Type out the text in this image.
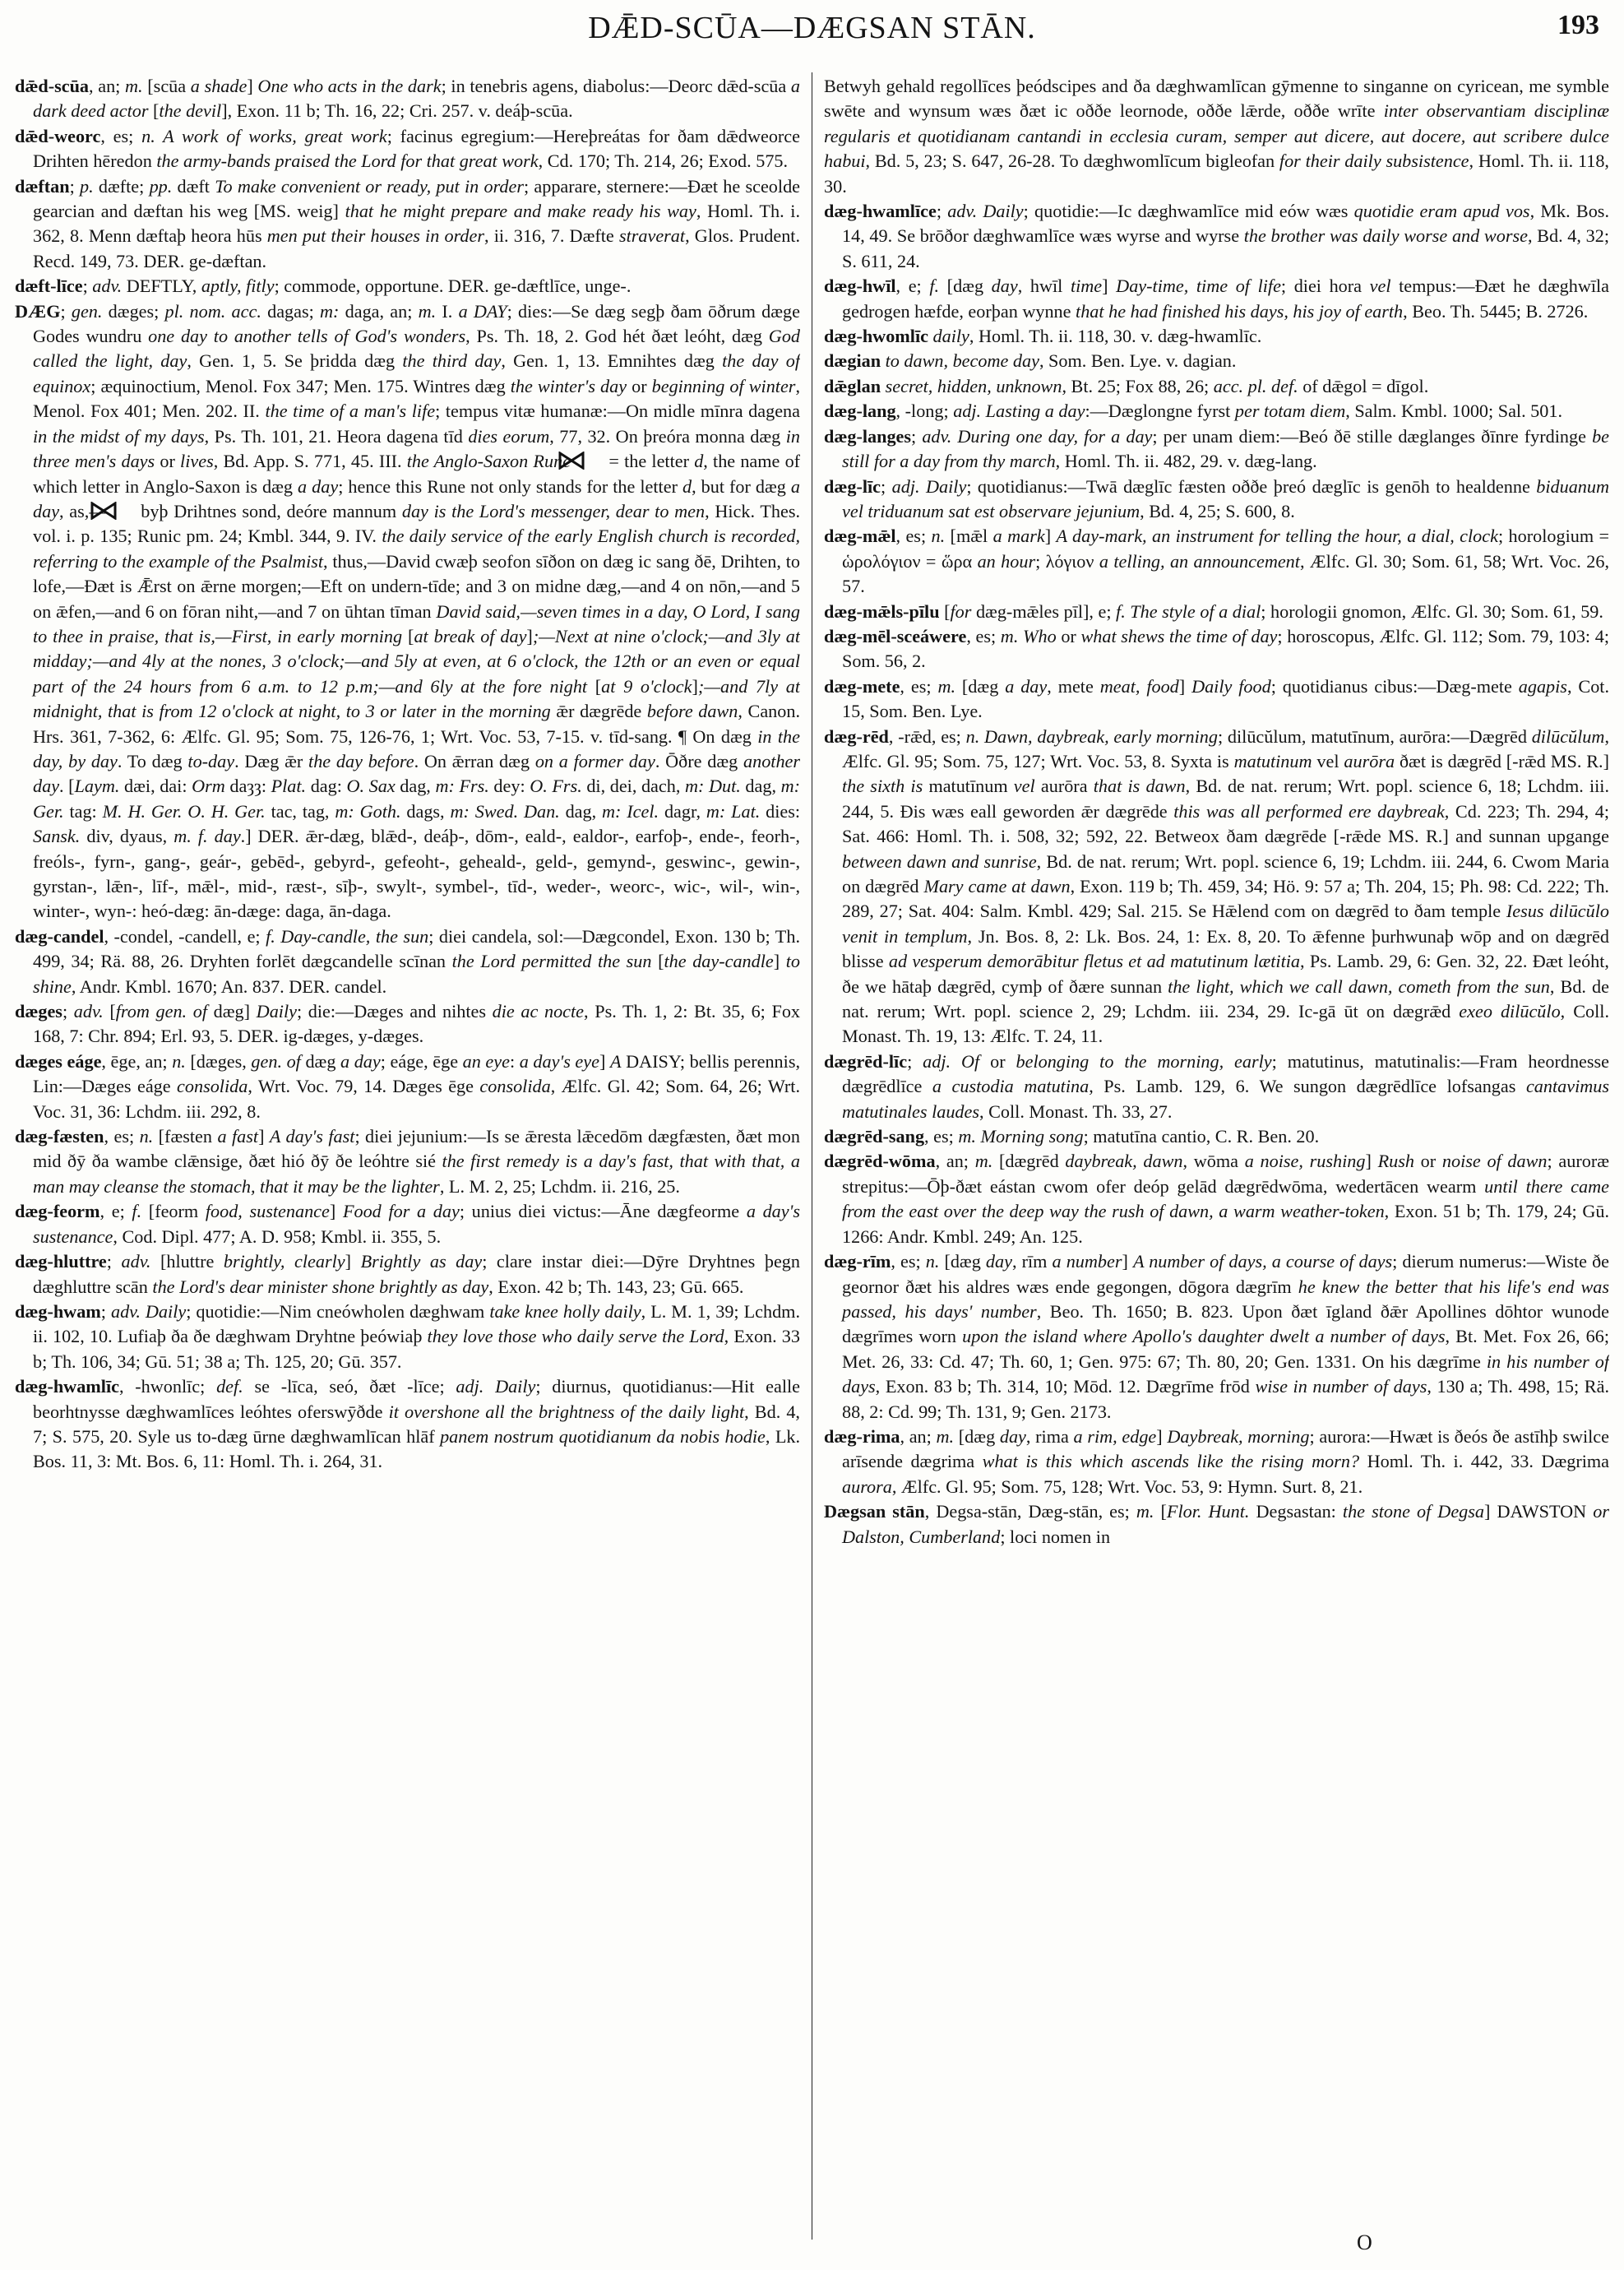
DǢD-SCŪA—DÆGSAN STĀN.	193

dǣd-scūa, an; m. [scūa a shade] One who acts in the dark; in tenebris agens, diabolus:—Deorc dǣd-scūa a dark deed actor [the devil], Exon. 11 b; Th. 16, 22; Cri. 257. v. deáþ-scūa.

dǣd-weorc, es; n. A work of works, great work; facinus egregium:—Hereþreátas for ðam dǣdweorce Drihten hēredon the army-bands praised the Lord for that great work, Cd. 170; Th. 214, 26; Exod. 575.

dæftan; p. dæfte; pp. dæft To make convenient or ready, put in order; apparare, sternere:—Ðæt he sceolde gearcian and dæftan his weg [MS. weig] that he might prepare and make ready his way, Homl. Th. i. 362, 8. Menn dæftaþ heora hūs men put their houses in order, ii. 316, 7. Dæfte straverat, Glos. Prudent. Recd. 149, 73. DER. ge-dæftan.

dæft-līce; adv. DEFTLY, aptly, fitly; commode, opportune. DER. ge-dæftlīce, unge-.

DÆG; gen. dæges; pl. nom. acc. dagas; m: daga, an; m. I. a DAY; dies:—Se dæg segþ ðam ōðrum dæge Godes wundru one day to another tells of God's wonders, Ps. Th. 18, 2. God hét ðæt leóht, dæg God called the light, day, Gen. 1, 5. Se þridda dæg the third day, Gen. 1, 13. Emnihtes dæg the day of equinox; æquinoctium, Menol. Fox 347; Men. 175. Wintres dæg the winter's day or beginning of winter, Menol. Fox 401; Men. 202. II. the time of a man's life; tempus vitæ humanæ:—On midle mīnra dagena in the midst of my days, Ps. Th. 101, 21. Heora dagena tīd dies eorum, 77, 32. On þreóra monna dæg in three men's days or lives, Bd. App. S. 771, 45. III. the Anglo-Saxon Rune  = the letter d, the name of which letter in Anglo-Saxon is dæg a day; hence this Rune not only stands for the letter d, but for dæg a day, as,— byþ Drihtnes sond, deóre mannum day is the Lord's messenger, dear to men, Hick. Thes. vol. i. p. 135; Runic pm. 24; Kmbl. 344, 9. IV. the daily service of the early English church is recorded, referring to the example of the Psalmist, thus,—David cwæþ seofon sīðon on dæg ic sang ðē, Drihten, to lofe,—Ðæt is Ǣrst on ǣrne morgen;—Eft on undern-tīde; and 3 on midne dæg,—and 4 on nōn,—and 5 on ǣfen,—and 6 on fōran niht,—and 7 on ūhtan tīman David said,—seven times in a day, O Lord, I sang to thee in praise, that is,—First, in early morning [at break of day];—Next at nine o'clock;—and 3ly at midday;—and 4ly at the nones, 3 o'clock;—and 5ly at even, at 6 o'clock, the 12th or an even or equal part of the 24 hours from 6 a.m. to 12 p.m;—and 6ly at the fore night [at 9 o'clock];—and 7ly at midnight, that is from 12 o'clock at night, to 3 or later in the morning ǣr dægrēde before dawn, Canon. Hrs. 361, 7-362, 6: Ælfc. Gl. 95; Som. 75, 126-76, 1; Wrt. Voc. 53, 7-15. v. tīd-sang. ¶ On dæg in the day, by day. To dæg to-day. Dæg ǣr the day before. On ǣrran dæg on a former day. Ōðre dæg another day. [Laym. dæi, dai: Orm daȝȝ: Plat. dag: O. Sax dag, m: Frs. dey: O. Frs. di, dei, dach, m: Dut. dag, m: Ger. tag: M. H. Ger. O. H. Ger. tac, tag, m: Goth. dags, m: Swed. Dan. dag, m: Icel. dagr, m: Lat. dies: Sansk. div, dyaus, m. f. day.] DER. ǣr-dæg, blǣd-, deáþ-, dōm-, eald-, ealdor-, earfoþ-, ende-, feorh-, freóls-, fyrn-, gang-, geár-, gebēd-, gebyrd-, gefeoht-, geheald-, geld-, gemynd-, geswinc-, gewin-, gyrstan-, lǣn-, līf-, mǣl-, mid-, ræst-, sīþ-, swylt-, symbel-, tīd-, weder-, weorc-, wic-, wil-, win-, winter-, wyn-: heó-dæg: ān-dæge: daga, ān-daga.

dæg-candel, -condel, -candell, e; f. Day-candle, the sun; diei candela, sol:—Dægcondel, Exon. 130 b; Th. 499, 34; Rä. 88, 26. Dryhten forlēt dægcandelle scīnan the Lord permitted the sun [the day-candle] to shine, Andr. Kmbl. 1670; An. 837. DER. candel.

dæges; adv. [from gen. of dæg] Daily; die:—Dæges and nihtes die ac nocte, Ps. Th. 1, 2: Bt. 35, 6; Fox 168, 7: Chr. 894; Erl. 93, 5. DER. ig-dæges, y-dæges.

dæges eáge, ēge, an; n. [dæges, gen. of dæg a day; eáge, ēge an eye: a day's eye] A DAISY; bellis perennis, Lin:—Dæges eáge consolida, Wrt. Voc. 79, 14. Dæges ēge consolida, Ælfc. Gl. 42; Som. 64, 26; Wrt. Voc. 31, 36: Lchdm. iii. 292, 8.

dæg-fæsten, es; n. [fæsten a fast] A day's fast; diei jejunium:—Is se ǣresta lǣcedōm dægfæsten, ðæt mon mid ðȳ ða wambe clǣnsige, ðæt hió ðȳ ðe leóhtre sié the first remedy is a day's fast, that with that, a man may cleanse the stomach, that it may be the lighter, L. M. 2, 25; Lchdm. ii. 216, 25.

dæg-feorm, e; f. [feorm food, sustenance] Food for a day; unius diei victus:—Āne dægfeorme a day's sustenance, Cod. Dipl. 477; A. D. 958; Kmbl. ii. 355, 5.

dæg-hluttre; adv. [hluttre brightly, clearly] Brightly as day; clare instar diei:—Dȳre Dryhtnes þegn dæghluttre scān the Lord's dear minister shone brightly as day, Exon. 42 b; Th. 143, 23; Gū. 665.

dæg-hwam; adv. Daily; quotidie:—Nim cneówholen dæghwam take knee holly daily, L. M. 1, 39; Lchdm. ii. 102, 10. Lufiaþ ða ðe dæghwam Dryhtne þeówiaþ they love those who daily serve the Lord, Exon. 33 b; Th. 106, 34; Gū. 51; 38 a; Th. 125, 20; Gū. 357.

dæg-hwamlīc, -hwonlīc; def. se -līca, seó, ðæt -līce; adj. Daily; diurnus, quotidianus:—Hit ealle beorhtnysse dæghwamlīces leóhtes oferswȳðde it overshone all the brightness of the daily light, Bd. 4, 7; S. 575, 20. Syle us to-dæg ūrne dæghwamlīcan hlāf panem nostrum quotidianum da nobis hodie, Lk. Bos. 11, 3: Mt. Bos. 6, 11: Homl. Th. i. 264, 31.

Betwyh gehald regollīces þeódscipes and ða dæghwamlīcan gȳmenne to singanne on cyricean, me symble swēte and wynsum wæs ðæt ic oððe leornode, oððe lǣrde, oððe wrīte inter observantiam disciplinæ regularis et quotidianam cantandi in ecclesia curam, semper aut dicere, aut docere, aut scribere dulce habui, Bd. 5, 23; S. 647, 26-28. To dæghwomlīcum bigleofan for their daily subsistence, Homl. Th. ii. 118, 30.

dæg-hwamlīce; adv. Daily; quotidie:—Ic dæghwamlīce mid eów wæs quotidie eram apud vos, Mk. Bos. 14, 49. Se brōðor dæghwamlīce wæs wyrse and wyrse the brother was daily worse and worse, Bd. 4, 32; S. 611, 24.

dæg-hwīl, e; f. [dæg day, hwīl time] Day-time, time of life; diei hora vel tempus:—Ðæt he dæghwīla gedrogen hæfde, eorþan wynne that he had finished his days, his joy of earth, Beo. Th. 5445; B. 2726.

dæg-hwomlīc daily, Homl. Th. ii. 118, 30. v. dæg-hwamlīc.

dægian to dawn, become day, Som. Ben. Lye. v. dagian.

dǣglan secret, hidden, unknown, Bt. 25; Fox 88, 26; acc. pl. def. of dǣgol = dīgol.

dæg-lang, -long; adj. Lasting a day:—Dæglongne fyrst per totam diem, Salm. Kmbl. 1000; Sal. 501.

dæg-langes; adv. During one day, for a day; per unam diem:—Beó ðē stille dæglanges ðīnre fyrdinge be still for a day from thy march, Homl. Th. ii. 482, 29. v. dæg-lang.

dæg-līc; adj. Daily; quotidianus:—Twā dæglīc fæsten oððe þreó dæglīc is genōh to healdenne biduanum vel triduanum sat est observare jejunium, Bd. 4, 25; S. 600, 8.

dæg-mǣl, es; n. [mǣl a mark] A day-mark, an instrument for telling the hour, a dial, clock; horologium = ὡρολόγιον = ὥρα an hour; λόγιον a telling, an announcement, Ælfc. Gl. 30; Som. 61, 58; Wrt. Voc. 26, 57.

dæg-mǣls-pīlu [for dæg-mǣles pīl], e; f. The style of a dial; horologii gnomon, Ælfc. Gl. 30; Som. 61, 59.

dæg-mēl-sceáwere, es; m. Who or what shews the time of day; horoscopus, Ælfc. Gl. 112; Som. 79, 103: 4; Som. 56, 2.

dæg-mete, es; m. [dæg a day, mete meat, food] Daily food; quotidianus cibus:—Dæg-mete agapis, Cot. 15, Som. Ben. Lye.

dæg-rēd, -rǣd, es; n. Dawn, daybreak, early morning; dilūcŭlum, matutīnum, aurōra:—Dægrēd dilūcŭlum, Ælfc. Gl. 95; Som. 75, 127; Wrt. Voc. 53, 8. Syxta is matutinum vel aurōra ðæt is dægrēd [-rǣd MS. R.] the sixth is matutīnum vel aurōra that is dawn, Bd. de nat. rerum; Wrt. popl. science 6, 18; Lchdm. iii. 244, 5. Ðis wæs eall geworden ǣr dægrēde this was all performed ere daybreak, Cd. 223; Th. 294, 4; Sat. 466: Homl. Th. i. 508, 32; 592, 22. Betweox ðam dægrēde [-rǣde MS. R.] and sunnan upgange between dawn and sunrise, Bd. de nat. rerum; Wrt. popl. science 6, 19; Lchdm. iii. 244, 6. Cwom Maria on dægrēd Mary came at dawn, Exon. 119 b; Th. 459, 34; Hö. 9: 57 a; Th. 204, 15; Ph. 98: Cd. 222; Th. 289, 27; Sat. 404: Salm. Kmbl. 429; Sal. 215. Se Hǣlend com on dægrēd to ðam temple Iesus dilūcŭlo venit in templum, Jn. Bos. 8, 2: Lk. Bos. 24, 1: Ex. 8, 20. To ǣfenne þurhwunaþ wōp and on dægrēd blisse ad vesperum demorābitur fletus et ad matutinum lætitia, Ps. Lamb. 29, 6: Gen. 32, 22. Ðæt leóht, ðe we hātaþ dægrēd, cymþ of ðære sunnan the light, which we call dawn, cometh from the sun, Bd. de nat. rerum; Wrt. popl. science 2, 29; Lchdm. iii. 234, 29. Ic-gā ūt on dægrǣd exeo dilūcŭlo, Coll. Monast. Th. 19, 13: Ælfc. T. 24, 11.

dægrēd-līc; adj. Of or belonging to the morning, early; matutinus, matutinalis:—Fram heordnesse dægrēdlīce a custodia matutina, Ps. Lamb. 129, 6. We sungon dægrēdlīce lofsangas cantavimus matutinales laudes, Coll. Monast. Th. 33, 27.

dægrēd-sang, es; m. Morning song; matutīna cantio, C. R. Ben. 20.

dægrēd-wōma, an; m. [dægrēd daybreak, dawn, wōma a noise, rushing] Rush or noise of dawn; auroræ strepitus:—Ōþ-ðæt eástan cwom ofer deóp gelād dægrēdwōma, wedertācen wearm until there came from the east over the deep way the rush of dawn, a warm weather-token, Exon. 51 b; Th. 179, 24; Gū. 1266: Andr. Kmbl. 249; An. 125.

dæg-rīm, es; n. [dæg day, rīm a number] A number of days, a course of days; dierum numerus:—Wiste ðe geornor ðæt his aldres wæs ende gegongen, dōgora dægrīm he knew the better that his life's end was passed, his days' number, Beo. Th. 1650; B. 823. Upon ðæt īgland ðǣr Apollines dōhtor wunode dægrīmes worn upon the island where Apollo's daughter dwelt a number of days, Bt. Met. Fox 26, 66; Met. 26, 33: Cd. 47; Th. 60, 1; Gen. 975: 67; Th. 80, 20; Gen. 1331. On his dægrīme in his number of days, Exon. 83 b; Th. 314, 10; Mōd. 12. Dægrīme frōd wise in number of days, 130 a; Th. 498, 15; Rä. 88, 2: Cd. 99; Th. 131, 9; Gen. 2173.

dæg-rima, an; m. [dæg day, rima a rim, edge] Daybreak, morning; aurora:—Hwæt is ðeós ðe astīhþ swilce arīsende dægrima what is this which ascends like the rising morn? Homl. Th. i. 442, 33. Dægrima aurora, Ælfc. Gl. 95; Som. 75, 128; Wrt. Voc. 53, 9: Hymn. Surt. 8, 21.

Dægsan stān, Degsa-stān, Dæg-stān, es; m. [Flor. Hunt. Degsastan: the stone of Degsa] DAWSTON or Dalston, Cumberland; loci nomen in

O
